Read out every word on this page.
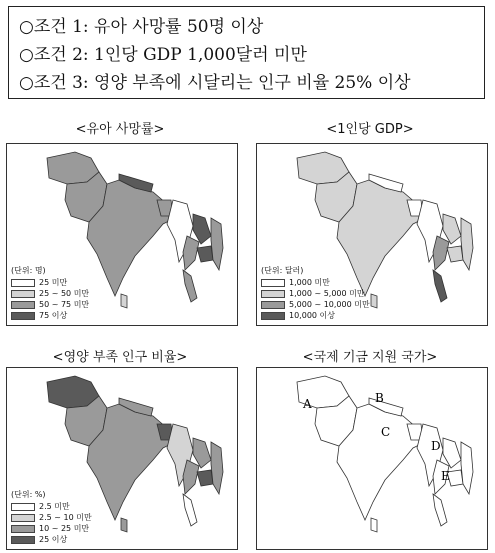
○조건 1: 유아 사망률 50명 이상
○조건 2: 1인당 GDP 1,000달러 미만
○조건 3: 영양 부족에 시달리는 인구 비율 25% 이상
<유아 사망률>	<1인당 GDP>
<영양 부족 인구 비율>	<국제 기금 지원 국가>
(단위: 명)
25 미만
25 ~ 50 미만
50 ~ 75 미만
75 이상
(단위: 달러)
1,000 미만
1,000 ~ 5,000 미만
5,000 ~ 10,000 미만
10,000 이상
(단위: %)
2.5 미만
2.5 ~ 10 미만
10 ~ 25 미만
25 이상
A	B
C
D
E
